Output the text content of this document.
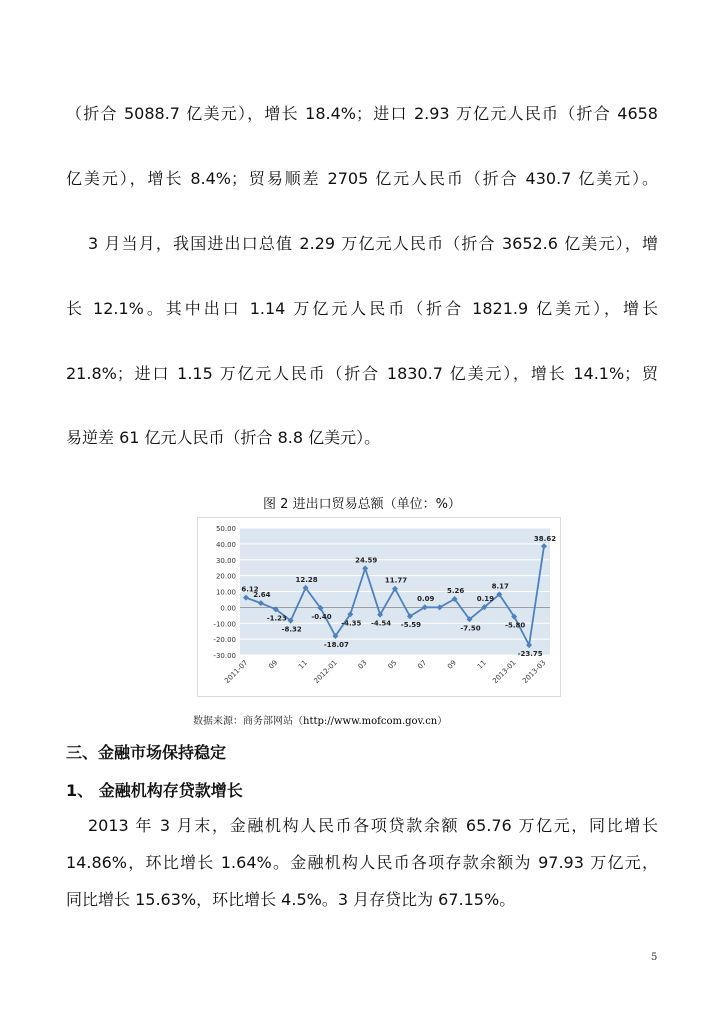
（折合 5088.7 亿美元），增长 18.4%；进口 2.93 万亿元人民币（折合 4658
亿美元），增长 8.4%；贸易顺差 2705 亿元人民币（折合 430.7 亿美元）。
3 月当月，我国进出口总值 2.29 万亿元人民币（折合 3652.6 亿美元），增
长 12.1%。其中出口 1.14 万亿元人民币（折合 1821.9 亿美元），增长
21.8%；进口 1.15 万亿元人民币（折合 1830.7 亿美元），增长 14.1%；贸
易逆差 61 亿元人民币（折合 8.8 亿美元）。
图 2 进出口贸易总额（单位：%）
50.00
40.00
30.00
20.00
10.00
0.00
-10.00
-20.00
-30.00
2011-07	09	11 2012-01	03	05	07	09	11 2013-01 2013-03
6.12
2.64
-1.23
-8.32
12.28
-0.40
-18.07
-4.35
24.59
-4.54
11.77
-5.59
0.09
5.26
-7.50
0.19
8.17
-5.80
-23.75
38.62
数据来源：商务部网站（http://www.mofcom.gov.cn）
三、金融市场保持稳定
1、 金融机构存贷款增长
2013 年 3 月末，金融机构人民币各项贷款余额 65.76 万亿元，同比增长
14.86%，环比增长 1.64%。金融机构人民币各项存款余额为 97.93 万亿元，
同比增长 15.63%，环比增长 4.5%。3 月存贷比为 67.15%。
5
